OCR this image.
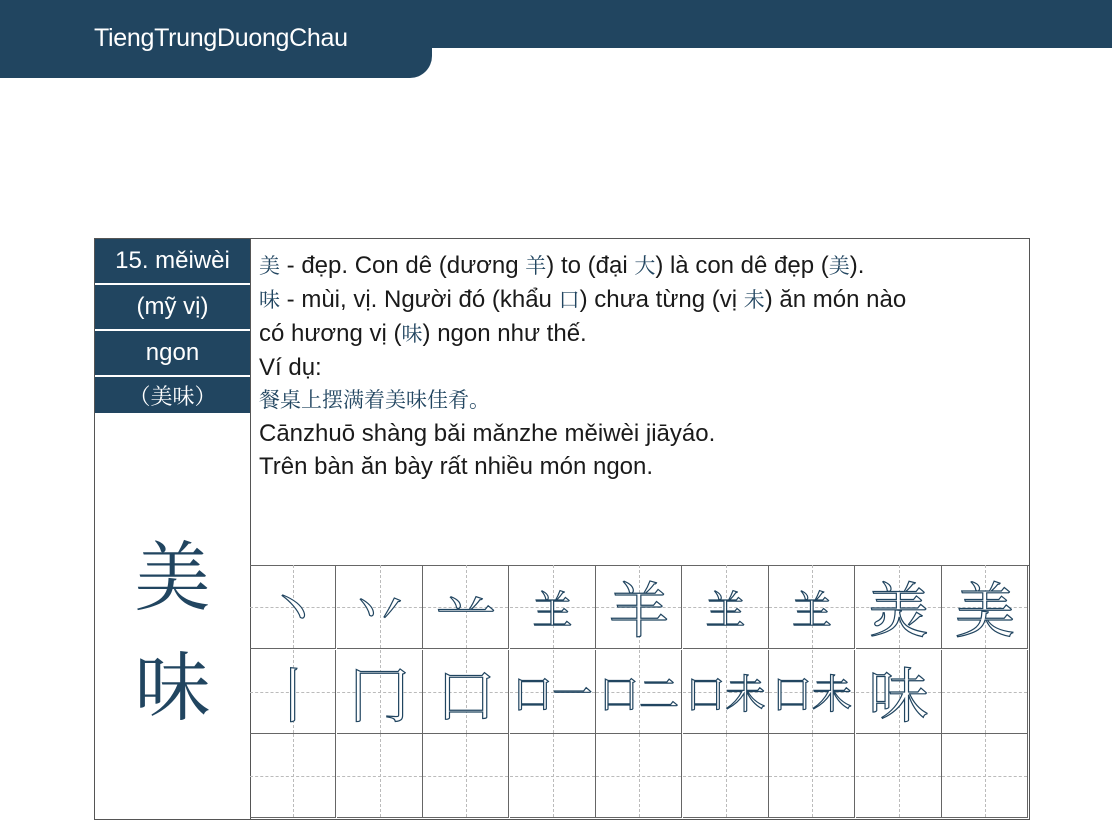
TiengTrungDuongChau
15. měiwèi
(mỹ vị)
ngon
（美味）
美
味
美 - đẹp. Con dê (dương 羊) to (đại 大) là con dê đẹp (美).
味 - mùi, vị. Người đó (khẩu 口) chưa từng (vị 未) ăn món nào
có hương vị (味) ngon như thế.
Ví dụ:
餐桌上摆满着美味佳肴。
Cānzhuō shàng bǎi mǎnzhe měiwèi jiāyáo.
Trên bàn ăn bày rất nhiều món ngon.
丶 丷 䒑 𦍌 羊 𦍌	𦍌 羙 美
丨 冂 口 口一 口二 口未 口未 味
